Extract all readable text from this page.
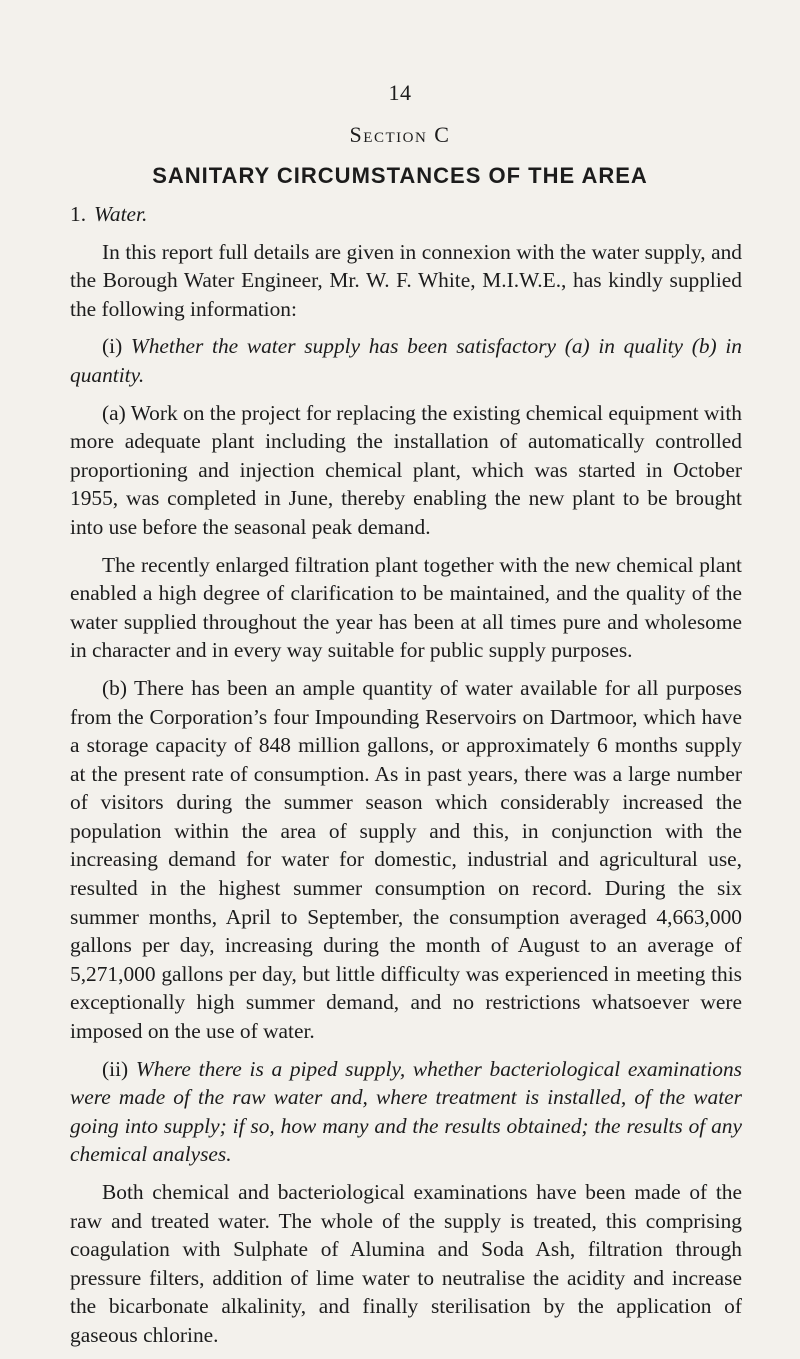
14
Section C
SANITARY CIRCUMSTANCES OF THE AREA
1. Water.

In this report full details are given in connexion with the water supply, and the Borough Water Engineer, Mr. W. F. White, M.I.W.E., has kindly supplied the following information:

(i) Whether the water supply has been satisfactory (a) in quality (b) in quantity.

(a) Work on the project for replacing the existing chemical equipment with more adequate plant including the installation of automatically controlled proportioning and injection chemical plant, which was started in October 1955, was completed in June, thereby enabling the new plant to be brought into use before the seasonal peak demand.

The recently enlarged filtration plant together with the new chemical plant enabled a high degree of clarification to be maintained, and the quality of the water supplied throughout the year has been at all times pure and wholesome in character and in every way suitable for public supply purposes.

(b) There has been an ample quantity of water available for all purposes from the Corporation’s four Impounding Reservoirs on Dartmoor, which have a storage capacity of 848 million gallons, or approximately 6 months supply at the present rate of consumption. As in past years, there was a large number of visitors during the summer season which considerably increased the population within the area of supply and this, in conjunction with the increasing demand for water for domestic, industrial and agricultural use, resulted in the highest summer consumption on record. During the six summer months, April to September, the consumption averaged 4,663,000 gallons per day, increasing during the month of August to an average of 5,271,000 gallons per day, but little difficulty was experienced in meeting this exceptionally high summer demand, and no restrictions whatsoever were imposed on the use of water.

(ii) Where there is a piped supply, whether bacteriological examinations were made of the raw water and, where treatment is installed, of the water going into supply; if so, how many and the results obtained; the results of any chemical analyses.

Both chemical and bacteriological examinations have been made of the raw and treated water. The whole of the supply is treated, this comprising coagulation with Sulphate of Alumina and Soda Ash, filtration through pressure filters, addition of lime water to neutralise the acidity and increase the bicarbonate alkalinity, and finally sterilisation by the application of gaseous chlorine.
